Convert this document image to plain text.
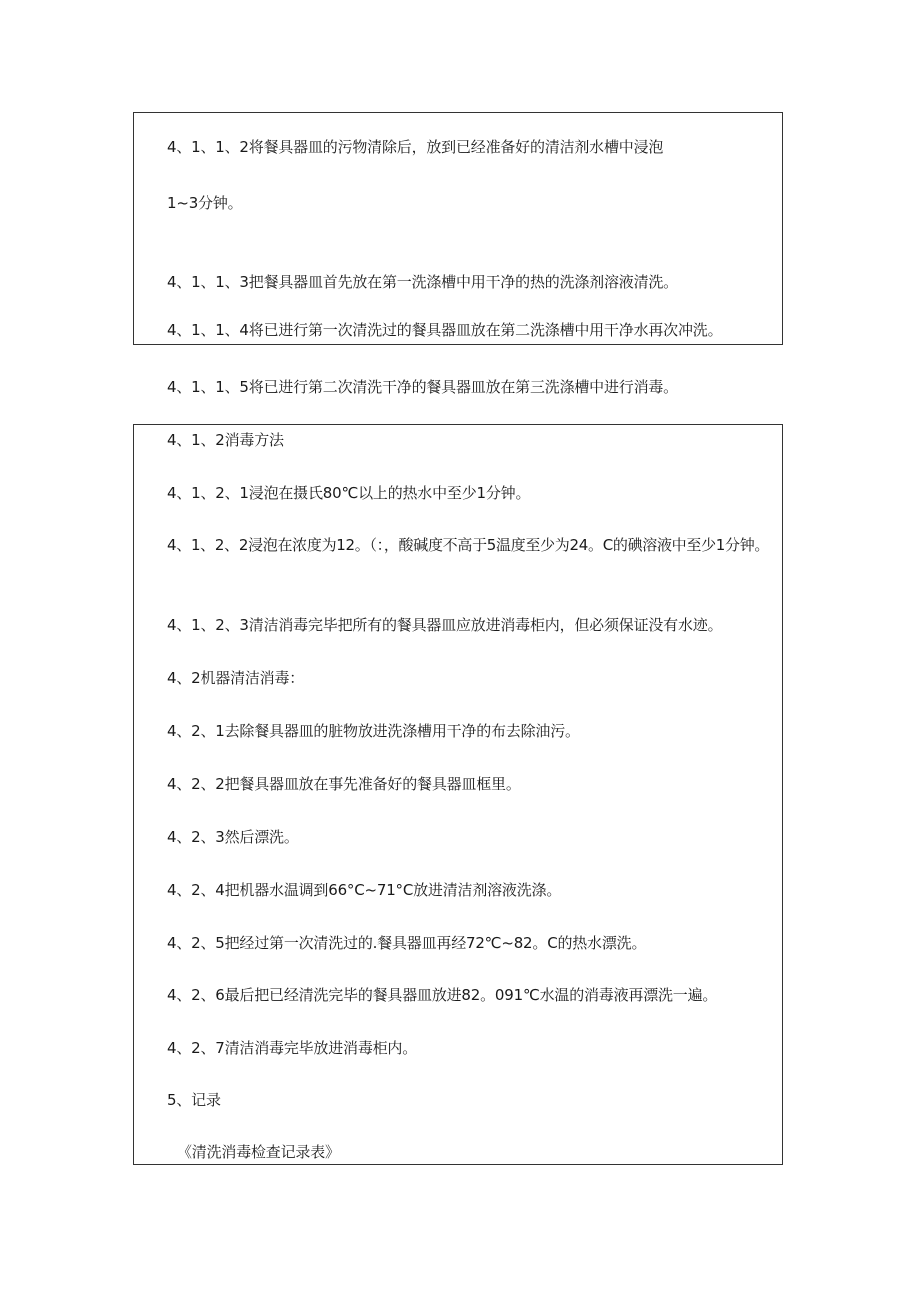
4、1、1、2将餐具器皿的污物清除后，放到已经准备好的清洁剂水槽中浸泡
1~3分钟。
4、1、1、3把餐具器皿首先放在第一洗涤槽中用干净的热的洗涤剂溶液清洗。
4、1、1、4将已进行第一次清洗过的餐具器皿放在第二洗涤槽中用干净水再次冲洗。
4、1、1、5将已进行第二次清洗干净的餐具器皿放在第三洗涤槽中进行消毒。
4、1、2消毒方法
4、1、2、1浸泡在摄氏80℃以上的热水中至少1分钟。
4、1、2、2浸泡在浓度为12。（：，酸碱度不高于5温度至少为24。C的碘溶液中至少1分钟。
4、1、2、3清洁消毒完毕把所有的餐具器皿应放进消毒柜内，但必须保证没有水迹。
4、2机器清洁消毒：
4、2、1去除餐具器皿的脏物放进洗涤槽用干净的布去除油污。
4、2、2把餐具器皿放在事先准备好的餐具器皿框里。
4、2、3然后漂洗。
4、2、4把机器水温调到66°C~71°C放进清洁剂溶液洗涤。
4、2、5把经过第一次清洗过的.餐具器皿再经72℃~82。C的热水漂洗。
4、2、6最后把已经清洗完毕的餐具器皿放进82。091℃水温的消毒液再漂洗一遍。
4、2、7清洁消毒完毕放进消毒柜内。
5、记录
《清洗消毒检查记录表》
